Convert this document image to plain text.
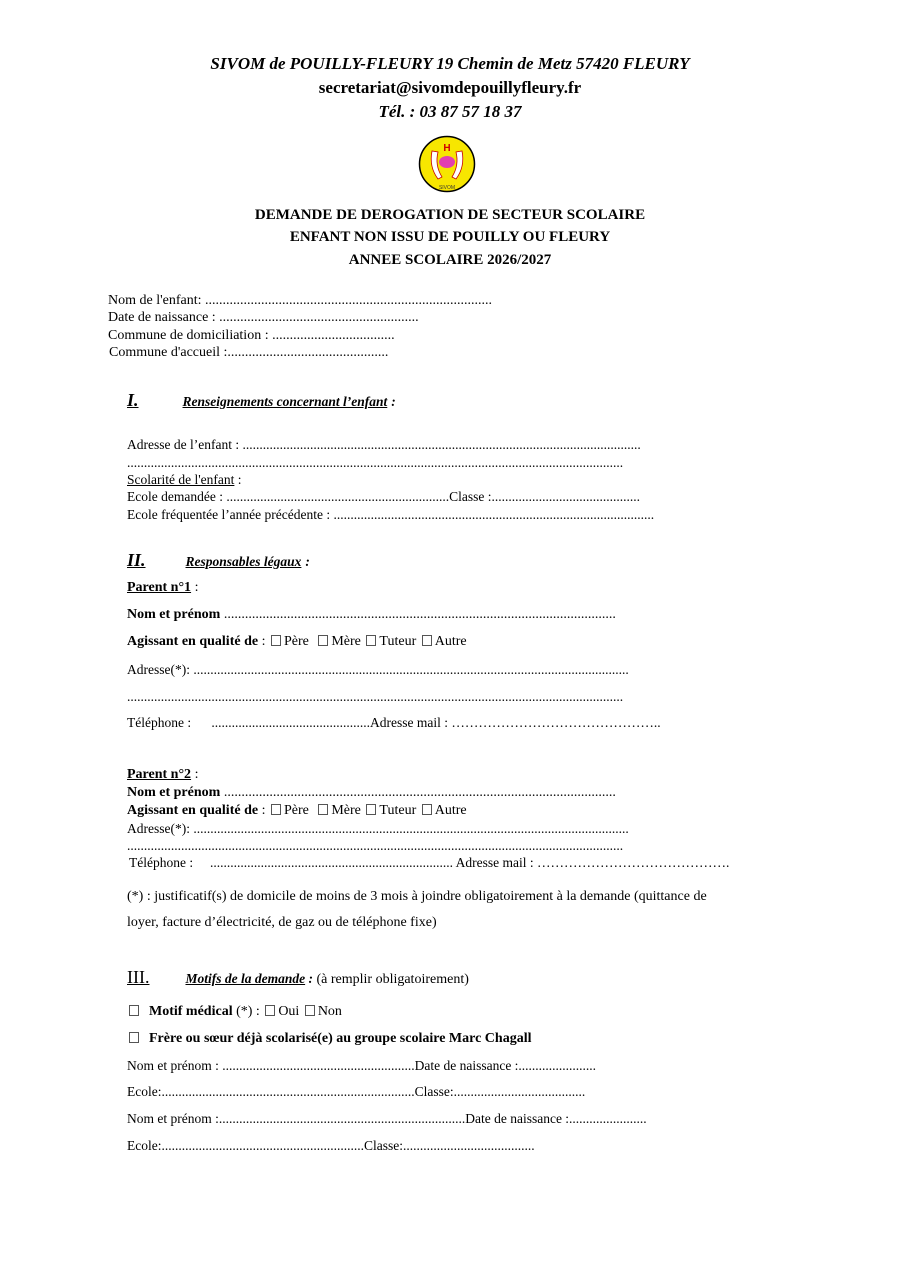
SIVOM de POUILLY-FLEURY 19 Chemin de Metz 57420 FLEURY
secretariat@sivomdepouillyfleury.fr
Tél. : 03 87 57 18 37
H
SIVOM
DEMANDE DE DEROGATION DE SECTEUR SCOLAIRE
ENFANT NON ISSU DE POUILLY OU FLEURY
ANNEE SCOLAIRE 2026/2027
Nom de l'enfant: ..................................................................................
Date de naissance : .........................................................
Commune de domiciliation : ...................................
Commune d'accueil :..............................................
I.	Renseignements concernant l’enfant :
Adresse de l’enfant : ......................................................................................................................
...................................................................................................................................................
Scolarité de l'enfant :
Ecole demandée : ..................................................................Classe :............................................
Ecole fréquentée l’année précédente : ...............................................................................................
II.	Responsables légaux :
Parent n°1 :
Nom et prénom ................................................................................................................
Agissant en qualité de : Père Mère Tuteur Autre
Adresse(*): .................................................................................................................................
...................................................................................................................................................
Téléphone :      ...............................................Adresse mail : ………………………………………..
Parent n°2 :
Nom et prénom ................................................................................................................
Agissant en qualité de : Père Mère Tuteur Autre
Adresse(*): .................................................................................................................................
...................................................................................................................................................
Téléphone :     ........................................................................ Adresse mail : …………………………………….
(*) : justificatif(s) de domicile de moins de 3 mois à joindre obligatoirement à la demande (quittance de
loyer, facture d’électricité, de gaz ou de téléphone fixe)
III.	Motifs de la demande : (à remplir obligatoirement)
Motif médical (*) : Oui Non
Frère ou sœur déjà scolarisé(e) au groupe scolaire Marc Chagall
Nom et prénom : .........................................................Date de naissance :.......................
Ecole:...........................................................................Classe:.......................................
Nom et prénom :.........................................................................Date de naissance :.......................
Ecole:............................................................Classe:.......................................
